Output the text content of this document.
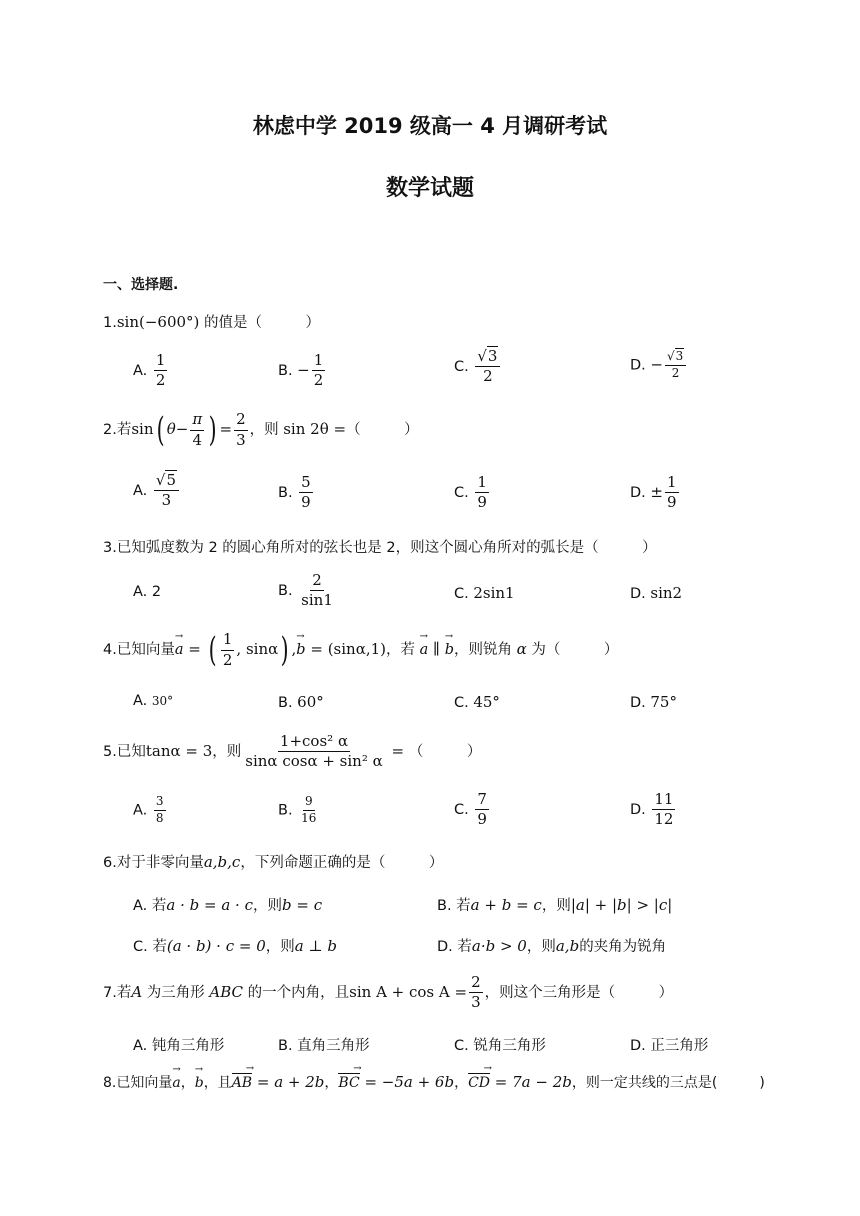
林虑中学 2019 级高一 4 月调研考试
数学试题
一、选择题.
1.sin(−600°) 的值是（　　　）
A. $\frac{1}{2}$	B. − $\frac{1}{2}$	C. $\frac{√3}{2}$	D. − $\frac{√3}{2}$
2.若sin( $\theta- \frac{\pi}{4}$ ) = $\frac{2}{3}$ ，则 sin 2θ =（　　　）
A. $\frac{√5}{3}$	B. $\frac{5}{9}$	C. $\frac{1}{9}$	D. ± $\frac{1}{9}$
3.已知弧度数为 2 的圆心角所对的弦长也是 2，则这个圆心角所对的弧长是（　　　）
A. 2	B. $\frac{2}{\sin 1}$	C. 2sin1	D. sin2
4.已知向量→ a = ( $\frac{1}{2}$ , sinα) ,→ b = (sinα,1)，若 → a ∥ → b，则锐角 α 为（　　　）
A. 30°	B. 60°	C. 45°	D. 75°
5.已知tanα = 3，则 $\frac{\text{1+cos² α}}{\text{sinα cosα + sin² α}}$ = （　　　）
A. $\frac{3}{8}$	B. $\frac{9}{16}$	C. $\frac{7}{9}$	D. $\frac{11}{12}$
6.对于非零向量a,b,c，下列命题正确的是（　　　）
A. 若a · b = a · c，则b = c	B. 若a + b = c，则|a| + |b| > |c|
C. 若(a · b) · c = 0，则a ⊥ b	D. 若a·b > 0，则a,b的夹角为锐角
7.若A 为三角形 ABC 的一个内角，且$\sin A + \cos A = \frac{2}{3}$ ，则这个三角形是（　　　）
A. 钝角三角形	B. 直角三角形	C. 锐角三角形	D. 正三角形
8.已知向量→ a，→ b，且AB → = a + 2b，BC → = −5a + 6b，CD → = 7a − 2b，则一定共线的三点是(　　　)
